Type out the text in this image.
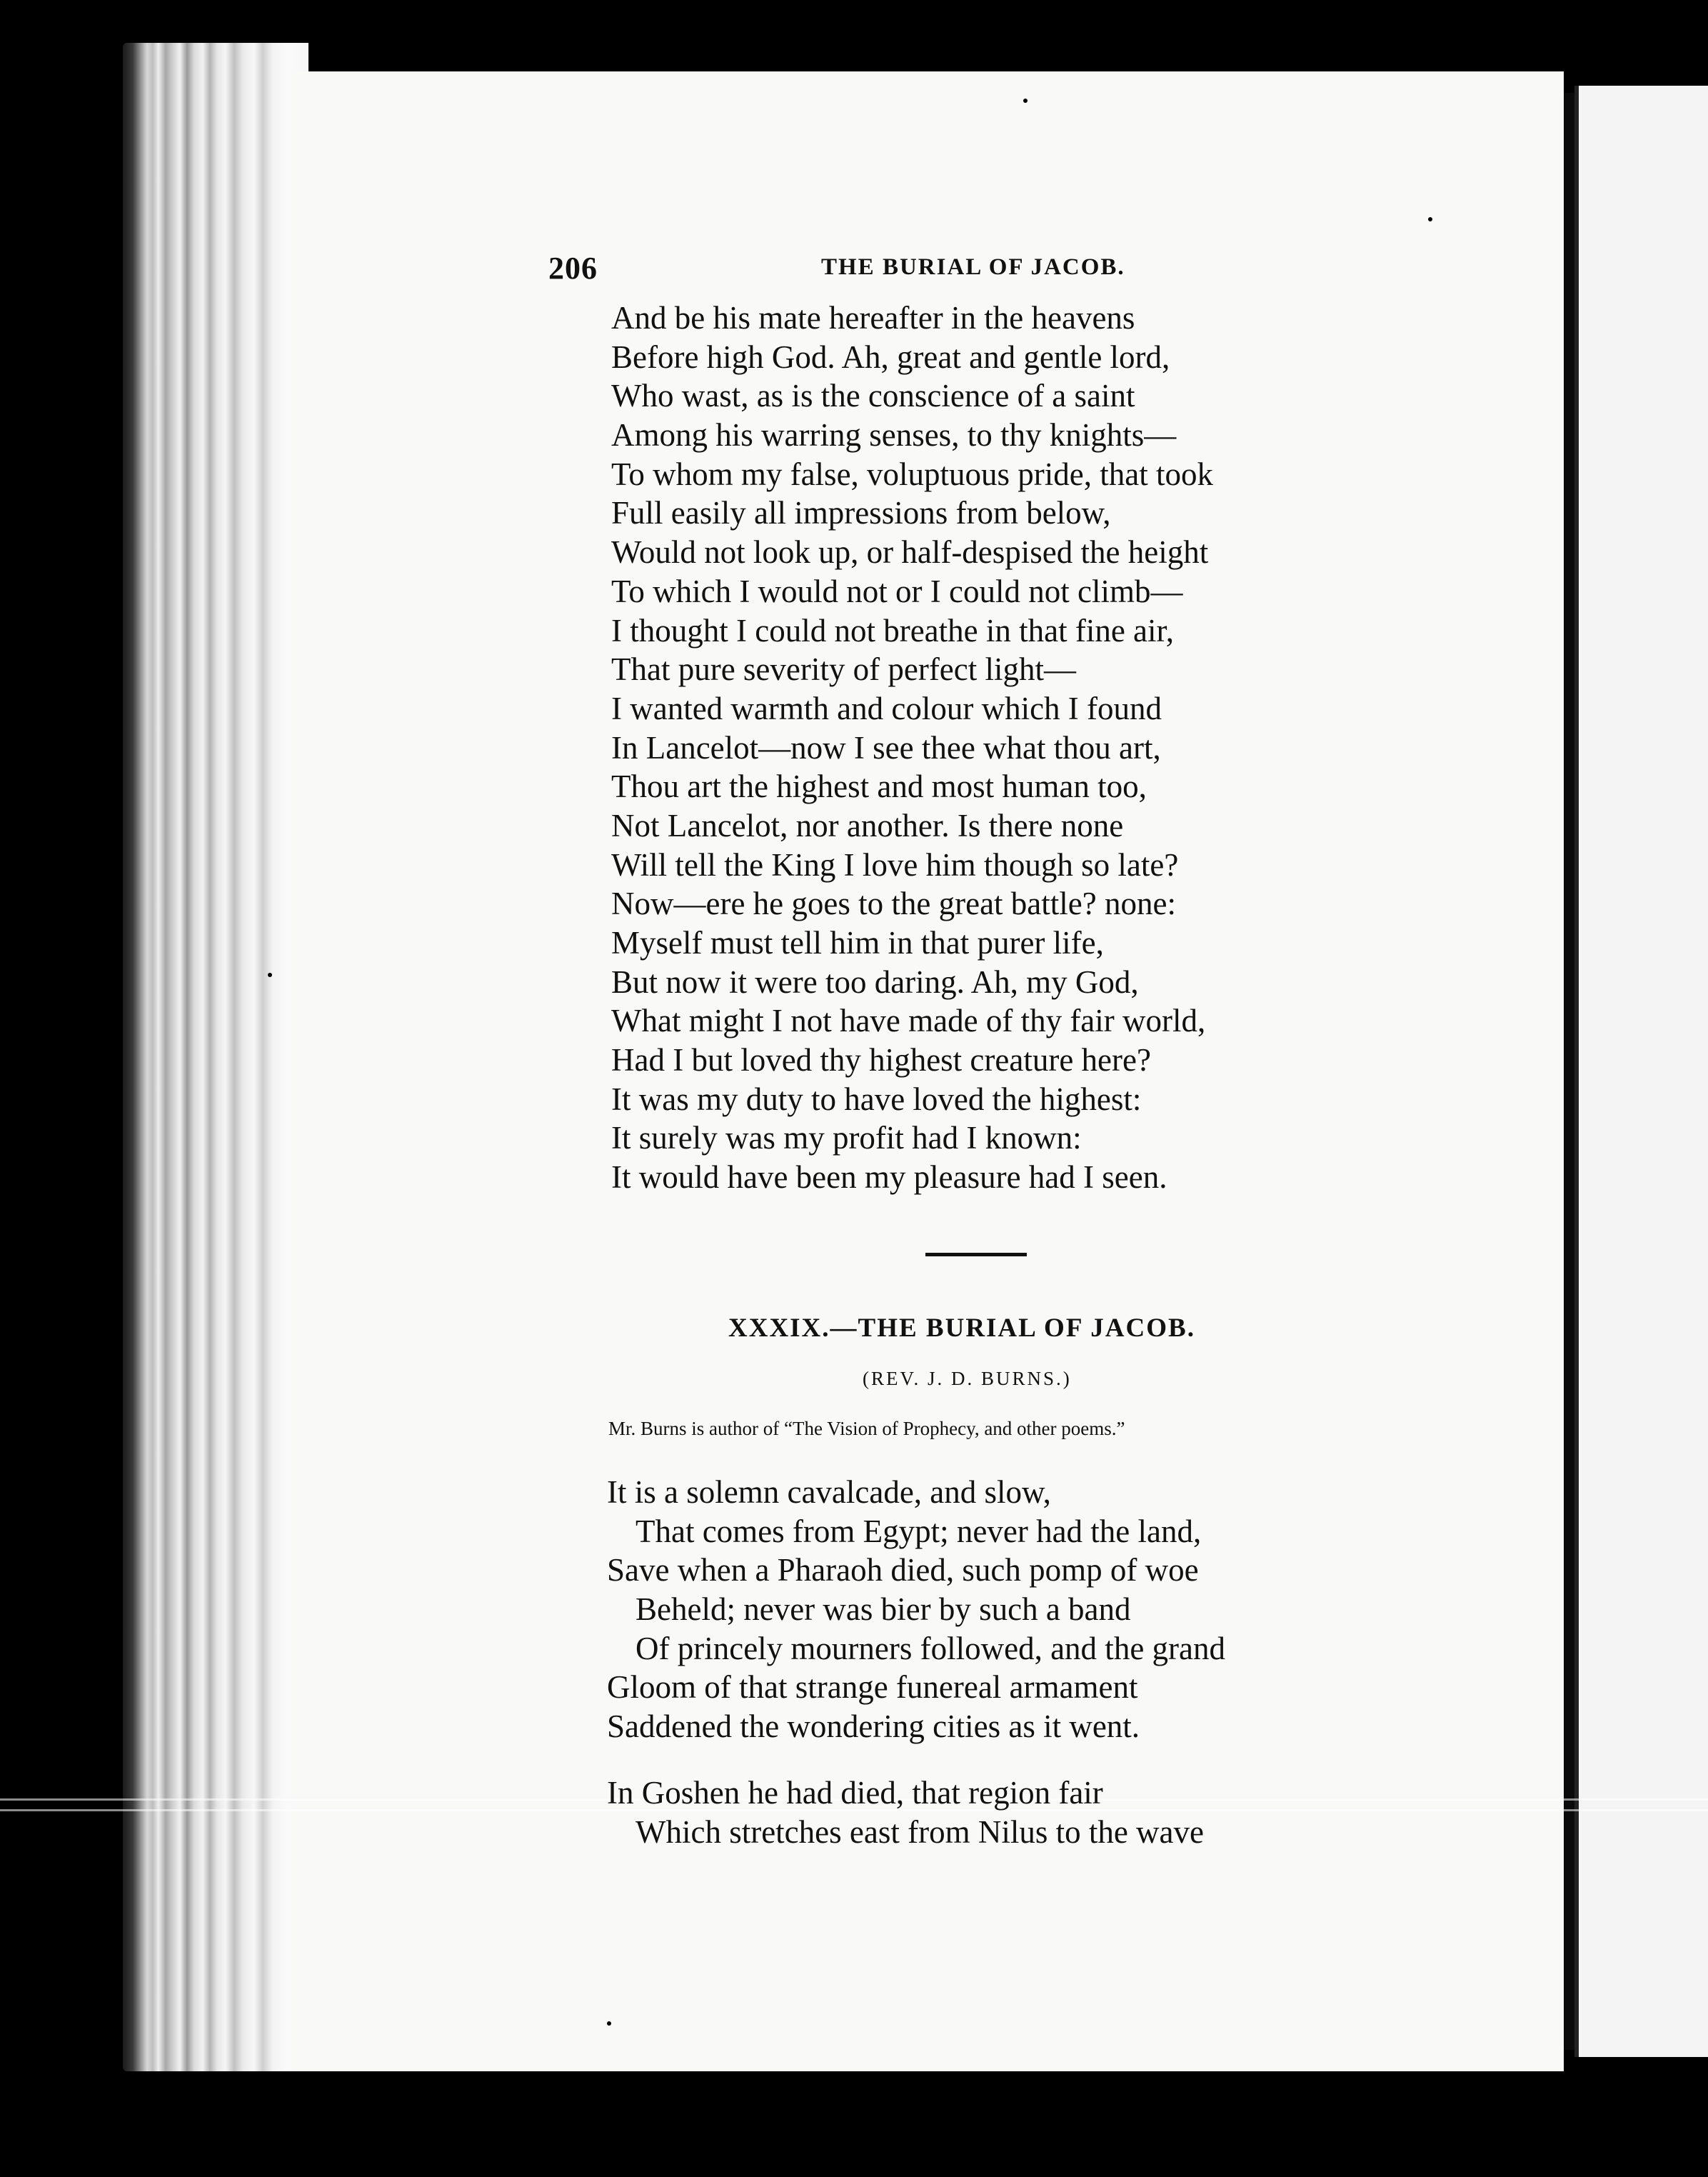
206	THE BURIAL OF JACOB.
And be his mate hereafter in the heavens
Before high God. Ah, great and gentle lord,
Who wast, as is the conscience of a saint
Among his warring senses, to thy knights—
To whom my false, voluptuous pride, that took
Full easily all impressions from below,
Would not look up, or half-despised the height
To which I would not or I could not climb—
I thought I could not breathe in that fine air,
That pure severity of perfect light—
I wanted warmth and colour which I found
In Lancelot—now I see thee what thou art,
Thou art the highest and most human too,
Not Lancelot, nor another. Is there none
Will tell the King I love him though so late?
Now—ere he goes to the great battle? none:
Myself must tell him in that purer life,
But now it were too daring. Ah, my God,
What might I not have made of thy fair world,
Had I but loved thy highest creature here?
It was my duty to have loved the highest:
It surely was my profit had I known:
It would have been my pleasure had I seen.
XXXIX.—THE BURIAL OF JACOB.
(REV. J. D. BURNS.)
Mr. Burns is author of “The Vision of Prophecy, and other poems.”
It is a solemn cavalcade, and slow,
That comes from Egypt; never had the land,
Save when a Pharaoh died, such pomp of woe
Beheld; never was bier by such a band
Of princely mourners followed, and the grand
Gloom of that strange funereal armament
Saddened the wondering cities as it went.
In Goshen he had died, that region fair
Which stretches east from Nilus to the wave
